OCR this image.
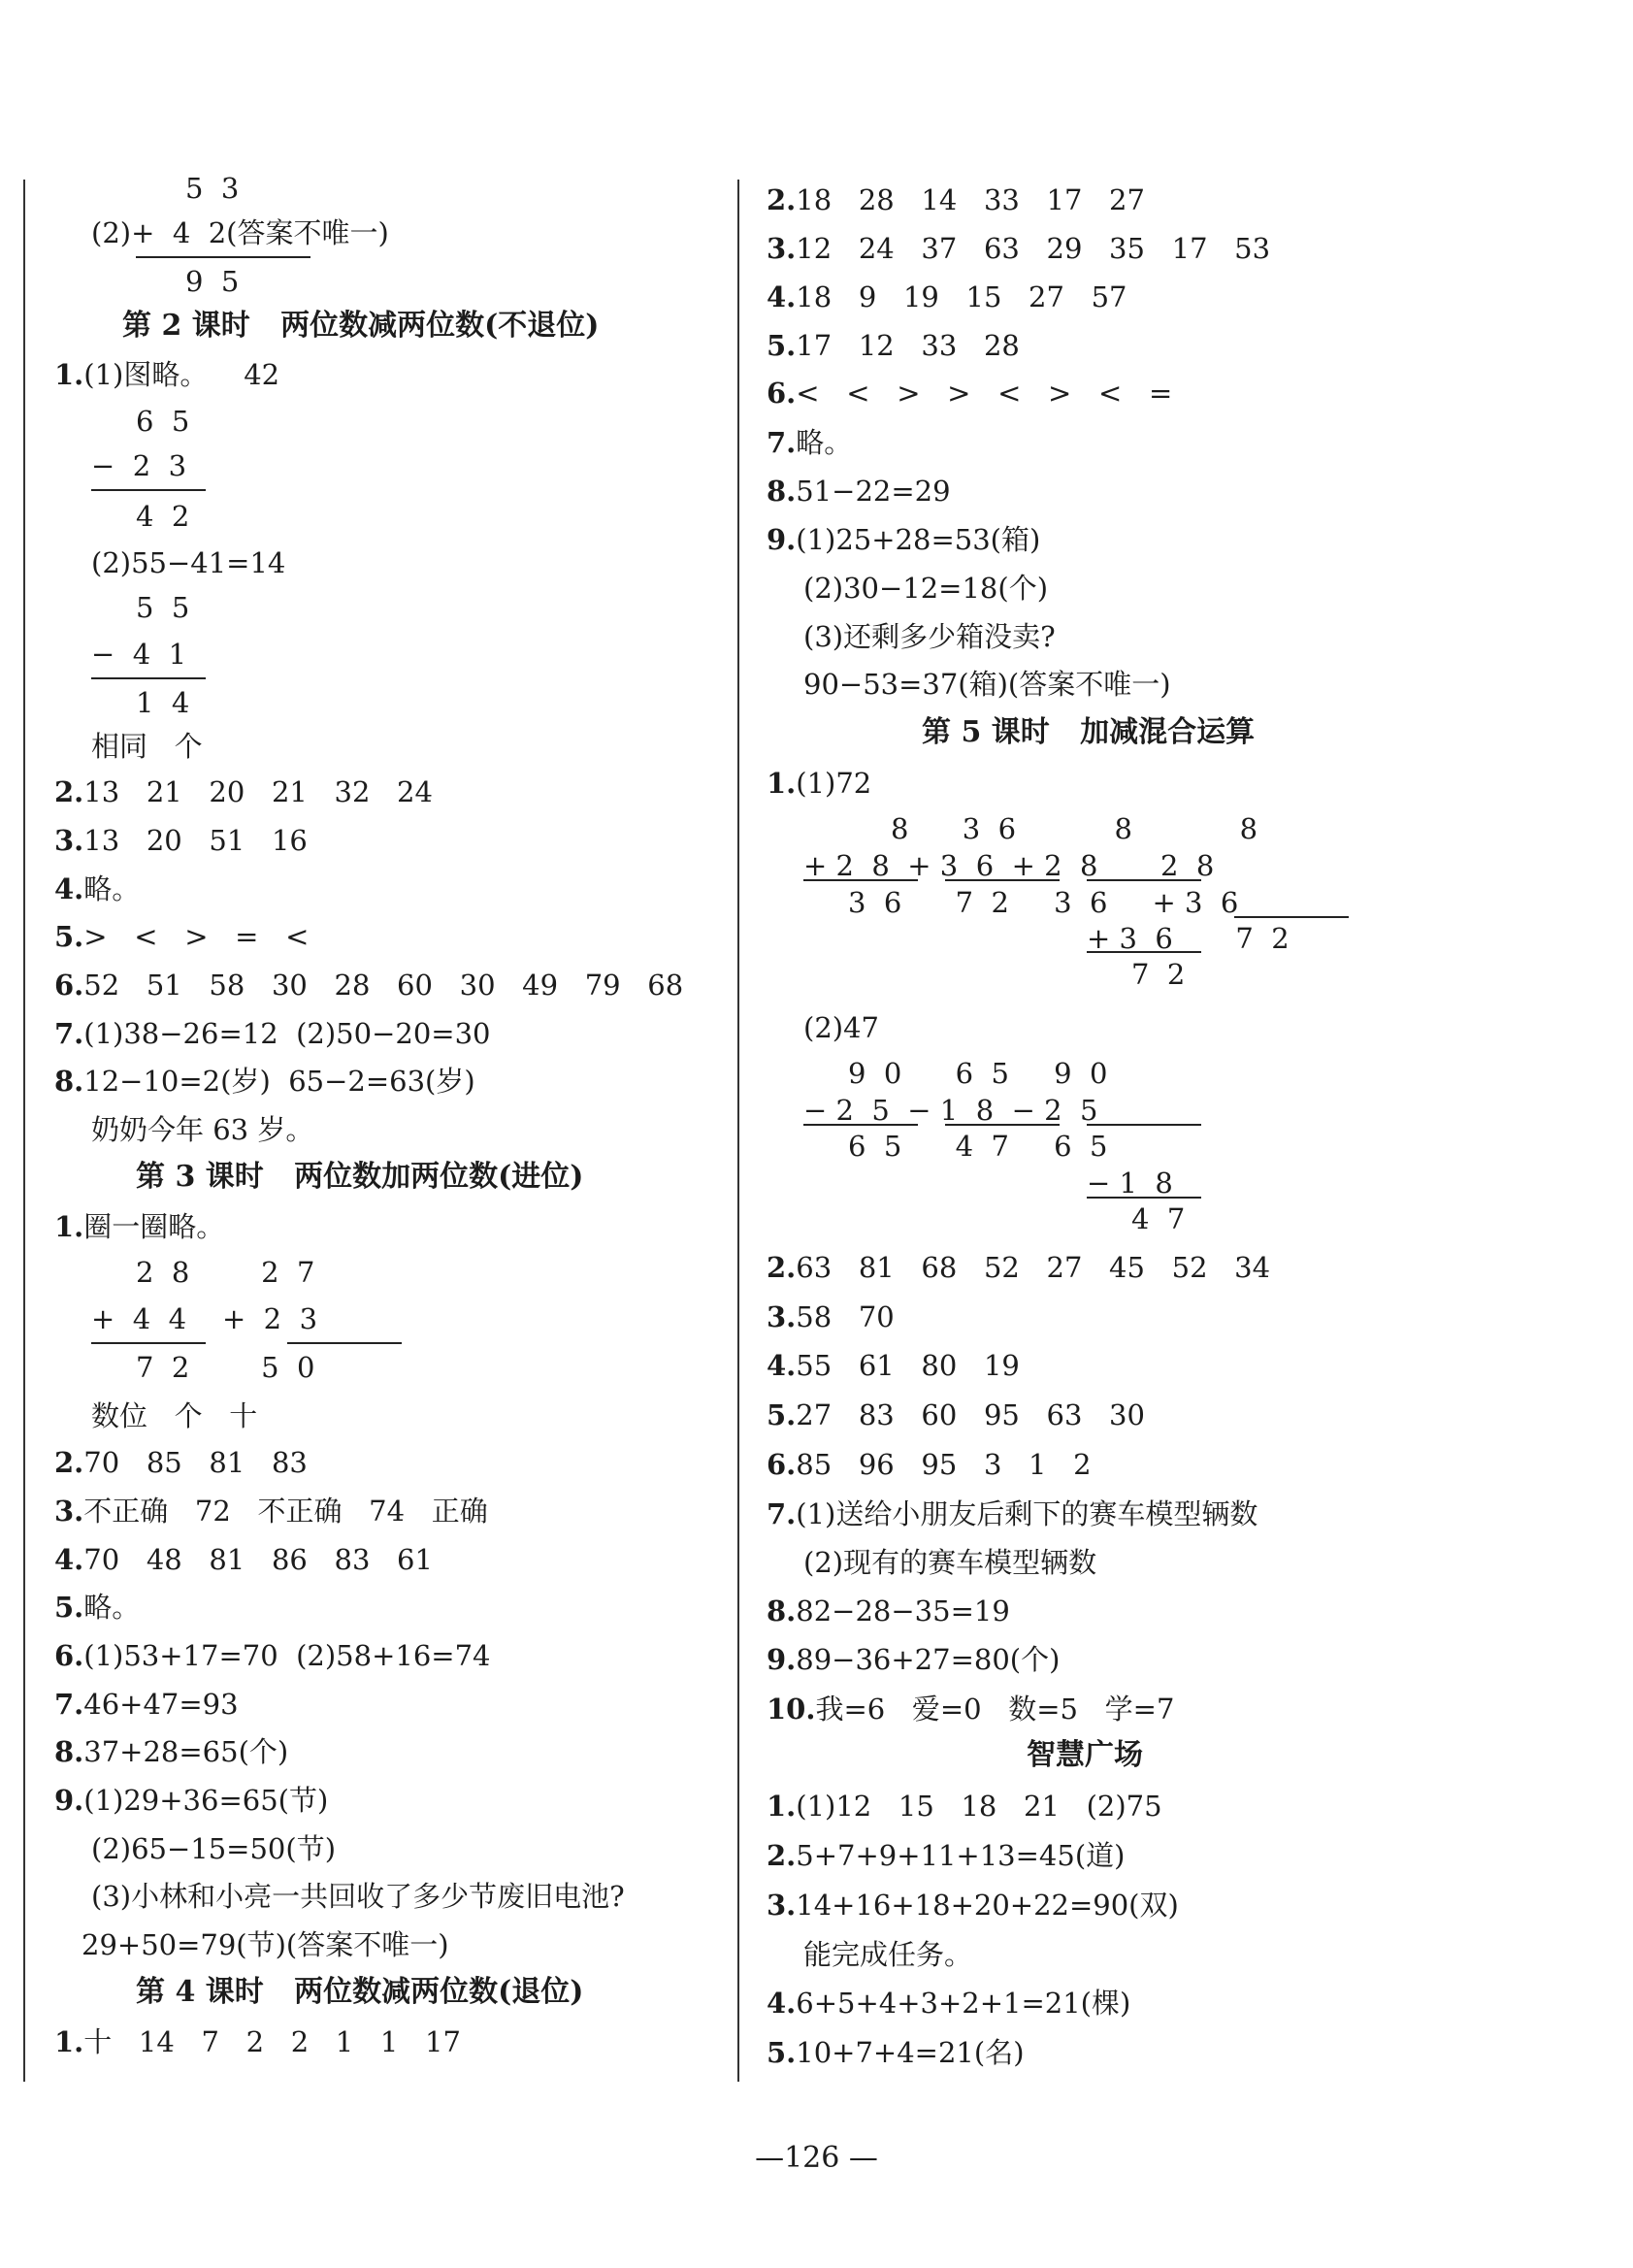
5  3
(2)+  4  2(答案不唯一)
9  5
第 2 课时   两位数减两位数(不退位)
1.(1)图略。    42
6  5
−  2  3
4  2
(2)55−41=14
5  5
−  4  1
1  4
相同   个
2.13   21   20   21   32   24
3.13   20   51   16
4.略。
5.>   <   >   =   <
6.52   51   58   30   28   60   30   49   79   68
7.(1)38−26=12  (2)50−20=30
8.12−10=2(岁)  65−2=63(岁)
奶奶今年 63 岁。
第 3 课时   两位数加两位数(进位)
1.圈一圈略。
2  8        2  7
+  4  4    +  2  3
7  2        5  0
数位   个   十
2.70   85   81   83
3.不正确   72   不正确   74   正确
4.70   48   81   86   83   61
5.略。
6.(1)53+17=70  (2)58+16=74
7.46+47=93
8.37+28=65(个)
9.(1)29+36=65(节)
(2)65−15=50(节)
(3)小林和小亮一共回收了多少节废旧电池?
29+50=79(节)(答案不唯一)
第 4 课时   两位数减两位数(退位)
1.十   14   7   2   2   1   1   17
2.18   28   14   33   17   27
3.12   24   37   63   29   35   17   53
4.18   9   19   15   27   57
5.17   12   33   28
6.<   <   >   >   <   >   <   =
7.略。
8.51−22=29
9.(1)25+28=53(箱)
(2)30−12=18(个)
(3)还剩多少箱没卖?
90−53=37(箱)(答案不唯一)
第 5 课时   加减混合运算
1.(1)72
8      3  6           8            8
+ 2  8  + 3  6  + 2  8       2  8
3  6      7  2     3  6     + 3  6
+ 3  6       7  2
7  2
(2)47
9  0      6  5     9  0
− 2  5  − 1  8  − 2  5
6  5      4  7     6  5
− 1  8
4  7
2.63   81   68   52   27   45   52   34
3.58   70
4.55   61   80   19
5.27   83   60   95   63   30
6.85   96   95   3   1   2
7.(1)送给小朋友后剩下的赛车模型辆数
(2)现有的赛车模型辆数
8.82−28−35=19
9.89−36+27=80(个)
10.我=6   爱=0   数=5   学=7
智慧广场
1.(1)12   15   18   21   (2)75
2.5+7+9+11+13=45(道)
3.14+16+18+20+22=90(双)
能完成任务。
4.6+5+4+3+2+1=21(棵)
5.10+7+4=21(名)
—126 —
